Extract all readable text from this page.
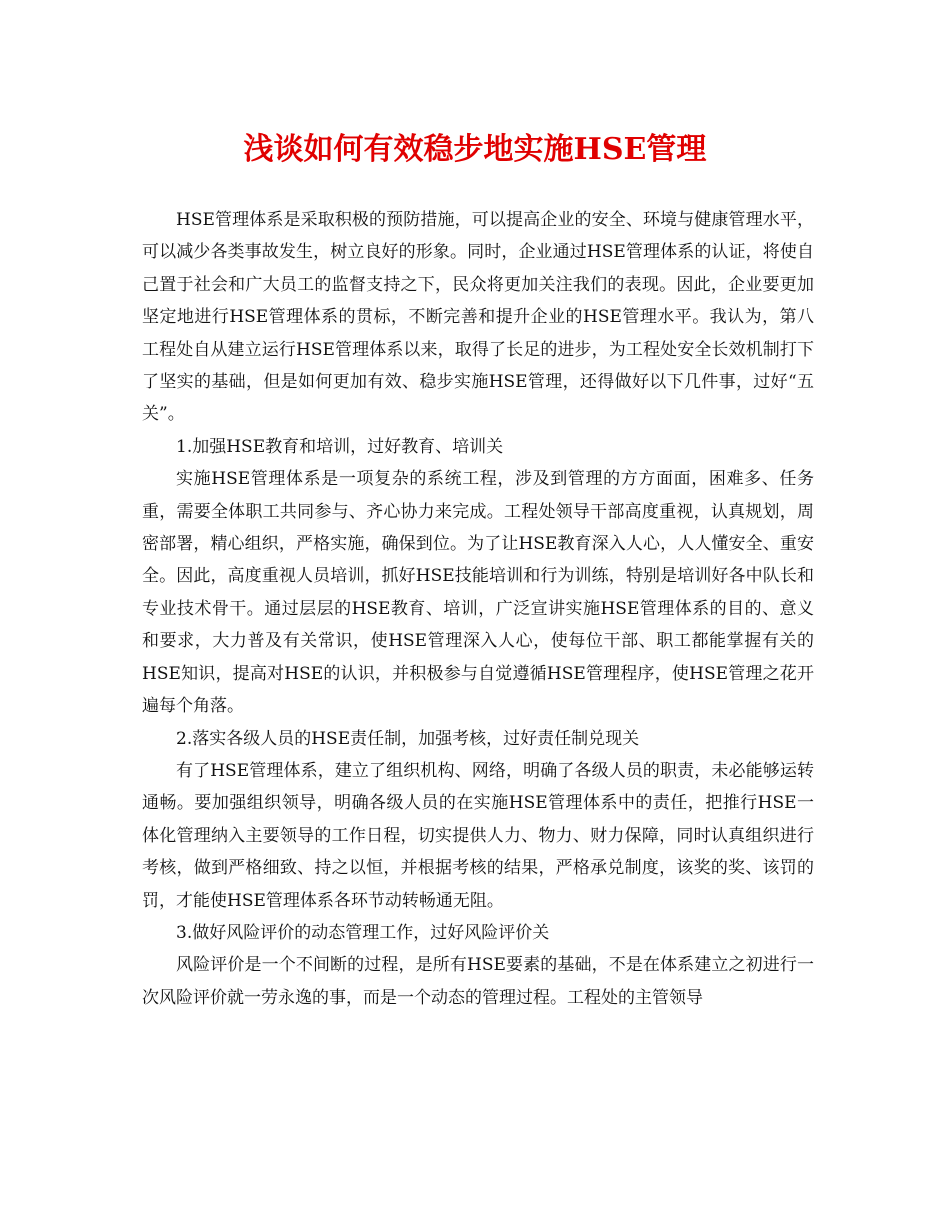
浅谈如何有效稳步地实施HSE管理

HSE管理体系是采取积极的预防措施，可以提高企业的安全、环境与健康管理水平，可以减少各类事故发生，树立良好的形象。同时，企业通过HSE管理体系的认证，将使自己置于社会和广大员工的监督支持之下，民众将更加关注我们的表现。因此，企业要更加坚定地进行HSE管理体系的贯标，不断完善和提升企业的HSE管理水平。我认为，第八工程处自从建立运行HSE管理体系以来，取得了长足的进步，为工程处安全长效机制打下了坚实的基础，但是如何更加有效、稳步实施HSE管理，还得做好以下几件事，过好“五关”。

1.加强HSE教育和培训，过好教育、培训关

实施HSE管理体系是一项复杂的系统工程，涉及到管理的方方面面，困难多、任务重，需要全体职工共同参与、齐心协力来完成。工程处领导干部高度重视，认真规划，周密部署，精心组织，严格实施，确保到位。为了让HSE教育深入人心，人人懂安全、重安全。因此，高度重视人员培训，抓好HSE技能培训和行为训练，特别是培训好各中队长和专业技术骨干。通过层层的HSE教育、培训，广泛宣讲实施HSE管理体系的目的、意义和要求，大力普及有关常识，使HSE管理深入人心，使每位干部、职工都能掌握有关的HSE知识，提高对HSE的认识，并积极参与自觉遵循HSE管理程序，使HSE管理之花开遍每个角落。

2.落实各级人员的HSE责任制，加强考核，过好责任制兑现关

有了HSE管理体系，建立了组织机构、网络，明确了各级人员的职责，未必能够运转通畅。要加强组织领导，明确各级人员的在实施HSE管理体系中的责任，把推行HSE一体化管理纳入主要领导的工作日程，切实提供人力、物力、财力保障，同时认真组织进行考核，做到严格细致、持之以恒，并根据考核的结果，严格承兑制度，该奖的奖、该罚的罚，才能使HSE管理体系各环节动转畅通无阻。

3.做好风险评价的动态管理工作，过好风险评价关

风险评价是一个不间断的过程，是所有HSE要素的基础，不是在体系建立之初进行一次风险评价就一劳永逸的事，而是一个动态的管理过程。工程处的主管领导
